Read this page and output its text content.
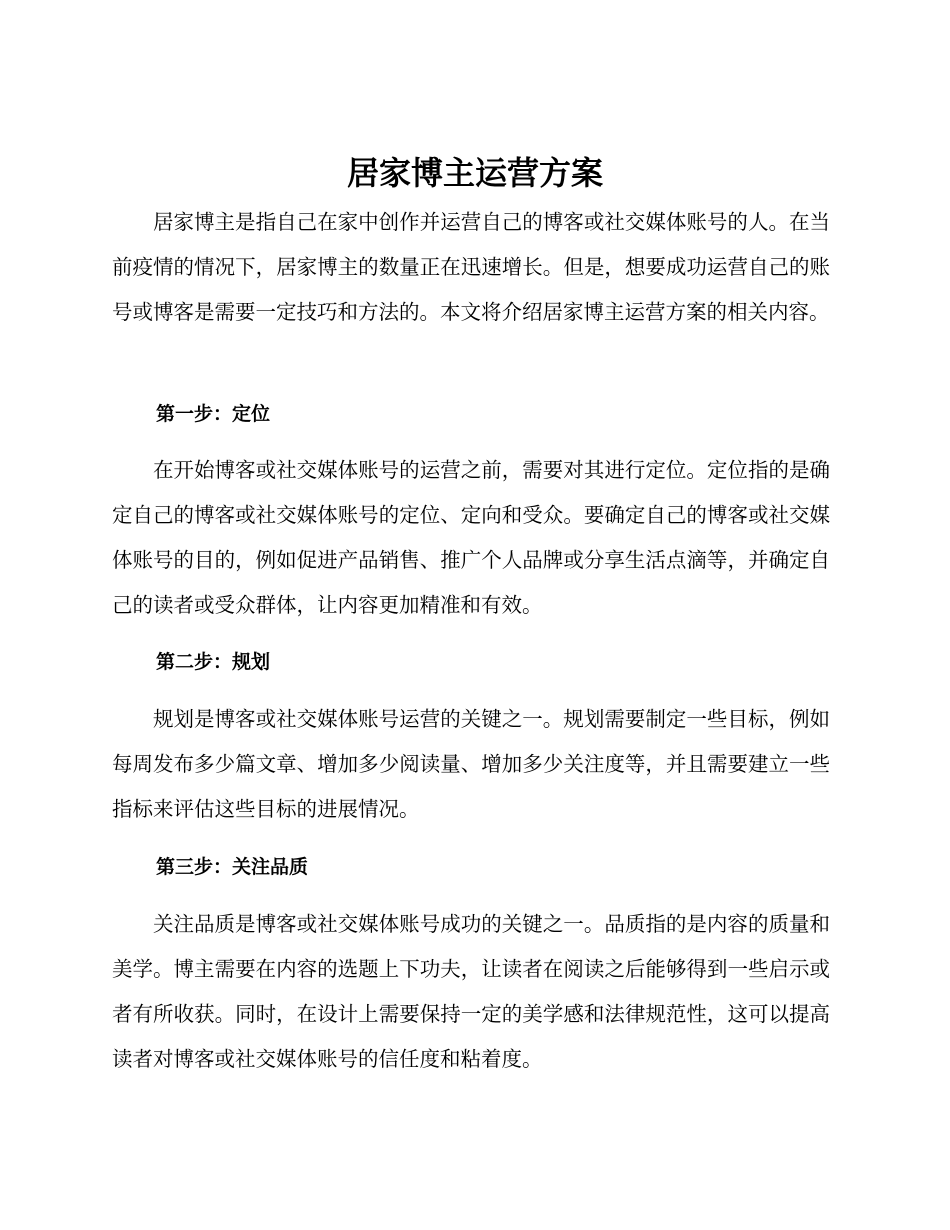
居家博主运营方案
居家博主是指自己在家中创作并运营自己的博客或社交媒体账号的人。在当前疫情的情况下，居家博主的数量正在迅速增长。但是，想要成功运营自己的账号或博客是需要一定技巧和方法的。本文将介绍居家博主运营方案的相关内容。
第一步：定位
在开始博客或社交媒体账号的运营之前，需要对其进行定位。定位指的是确定自己的博客或社交媒体账号的定位、定向和受众。要确定自己的博客或社交媒体账号的目的，例如促进产品销售、推广个人品牌或分享生活点滴等，并确定自己的读者或受众群体，让内容更加精准和有效。
第二步：规划
规划是博客或社交媒体账号运营的关键之一。规划需要制定一些目标，例如每周发布多少篇文章、增加多少阅读量、增加多少关注度等，并且需要建立一些指标来评估这些目标的进展情况。
第三步：关注品质
关注品质是博客或社交媒体账号成功的关键之一。品质指的是内容的质量和美学。博主需要在内容的选题上下功夫，让读者在阅读之后能够得到一些启示或者有所收获。同时，在设计上需要保持一定的美学感和法律规范性，这可以提高读者对博客或社交媒体账号的信任度和粘着度。
